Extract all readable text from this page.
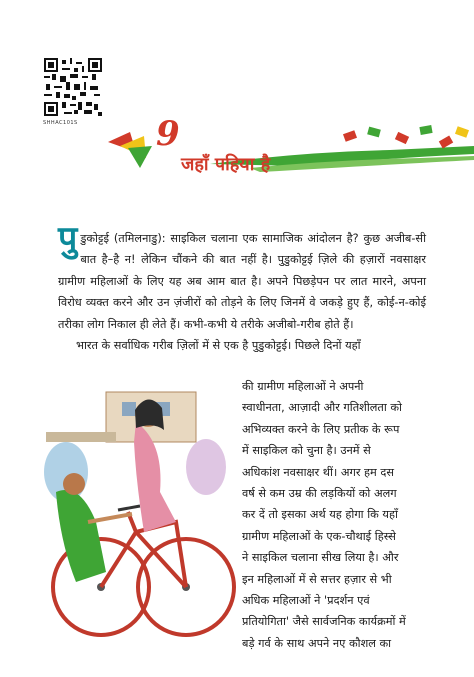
SHHAC101S 9
जहाँ पहिया है

पुडुकोट्टई (तमिलनाडु): साइकिल चलाना एक सामाजिक आंदोलन है? कुछ अजीब-सी बात है–है न! लेकिन चौंकने की बात नहीं है। पुडुकोट्टई ज़िले की हज़ारों नवसाक्षर ग्रामीण महिलाओं के लिए यह अब आम बात है। अपने पिछड़ेपन पर लात मारने, अपना विरोध व्यक्त करने और उन ज़ंजीरों को तोड़ने के लिए जिनमें वे जकड़े हुए हैं, कोई-न-कोई तरीका लोग निकाल ही लेते हैं। कभी-कभी ये तरीके अजीबो-गरीब होते हैं।

भारत के सर्वाधिक गरीब ज़िलों में से एक है पुडुकोट्टई। पिछले दिनों यहाँ

की ग्रामीण महिलाओं ने अपनी
स्वाधीनता, आज़ादी और गतिशीलता को
अभिव्यक्त करने के लिए प्रतीक के रूप
में साइकिल को चुना है। उनमें से
अधिकांश नवसाक्षर थीं। अगर हम दस
वर्ष से कम उम्र की लड़कियों को अलग
कर दें तो इसका अर्थ यह होगा कि यहाँ
ग्रामीण महिलाओं के एक-चौथाई हिस्से
ने साइकिल चलाना सीख लिया है। और
इन महिलाओं में से सत्तर हज़ार से भी
अधिक महिलाओं ने 'प्रदर्शन एवं
प्रतियोगिता' जैसे सार्वजनिक कार्यक्रमों में
बड़े गर्व के साथ अपने नए कौशल का
